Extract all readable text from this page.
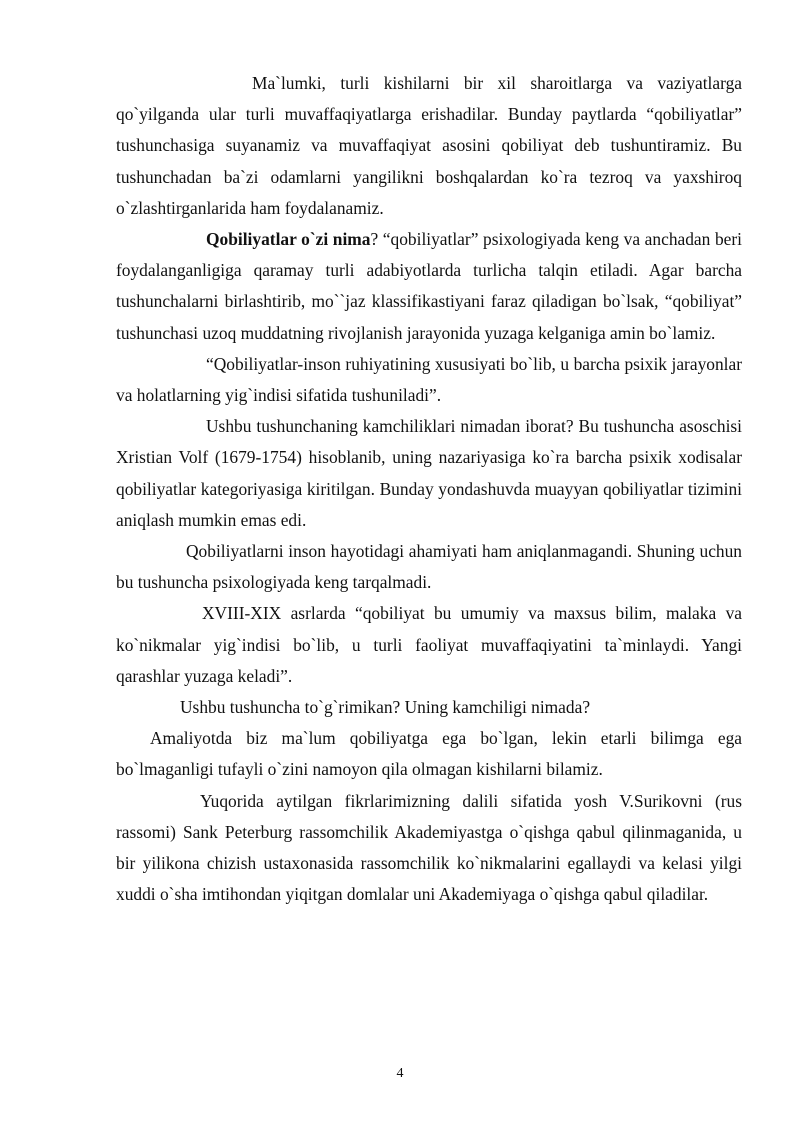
Ma`lumki, turli kishilarni bir xil sharoitlarga va vaziyatlarga qo`yilganda ular turli muvaffaqiyatlarga erishadilar. Bunday paytlarda “qobiliyatlar” tushunchasiga suyanamiz va muvaffaqiyat asosini qobiliyat deb tushuntiramiz. Bu tushunchadan ba`zi odamlarni yangilikni boshqalardan ko`ra tezroq va yaxshiroq o`zlashtirganlarida ham foydalanamiz.

Qobiliyatlar o`zi nima? “qobiliyatlar” psixologiyada keng va anchadan beri foydalanganligiga qaramay turli adabiyotlarda turlicha talqin etiladi. Agar barcha tushunchalarni birlashtirib, mo``jaz klassifikastiyani faraz qiladigan bo`lsak, “qobiliyat” tushunchasi uzoq muddatning rivojlanish jarayonida yuzaga kelganiga amin bo`lamiz.

“Qobiliyatlar-inson ruhiyatining xususiyati bo`lib, u barcha psixik jarayonlar va holatlarning yig`indisi sifatida tushuniladi”.

Ushbu tushunchaning kamchiliklari nimadan iborat? Bu tushuncha asoschisi Xristian Volf (1679-1754) hisoblanib, uning nazariyasiga ko`ra barcha psixik xodisalar qobiliyatlar kategoriyasiga kiritilgan. Bunday yondashuvda muayyan qobiliyatlar tizimini aniqlash mumkin emas edi.

Qobiliyatlarni inson hayotidagi ahamiyati ham aniqlanmagandi. Shuning uchun bu tushuncha psixologiyada keng tarqalmadi.

XVIII-XIX asrlarda “qobiliyat bu umumiy va maxsus bilim, malaka va ko`nikmalar yig`indisi bo`lib, u turli faoliyat muvaffaqiyatini ta`minlaydi. Yangi qarashlar yuzaga keladi”.

Ushbu tushuncha to`g`rimikan? Uning kamchiligi nimada?

Amaliyotda biz ma`lum qobiliyatga ega bo`lgan, lekin etarli bilimga ega bo`lmaganligi tufayli o`zini namoyon qila olmagan kishilarni bilamiz.

Yuqorida aytilgan fikrlarimizning dalili sifatida yosh V.Surikovni (rus rassomi) Sank Peterburg rassomchilik Akademiyastga o`qishga qabul qilinmaganida, u bir yilikona chizish ustaxonasida rassomchilik ko`nikmalarini egallaydi va kelasi yilgi xuddi o`sha imtihondan yiqitgan domlalar uni Akademiyaga o`qishga qabul qiladilar.

4
